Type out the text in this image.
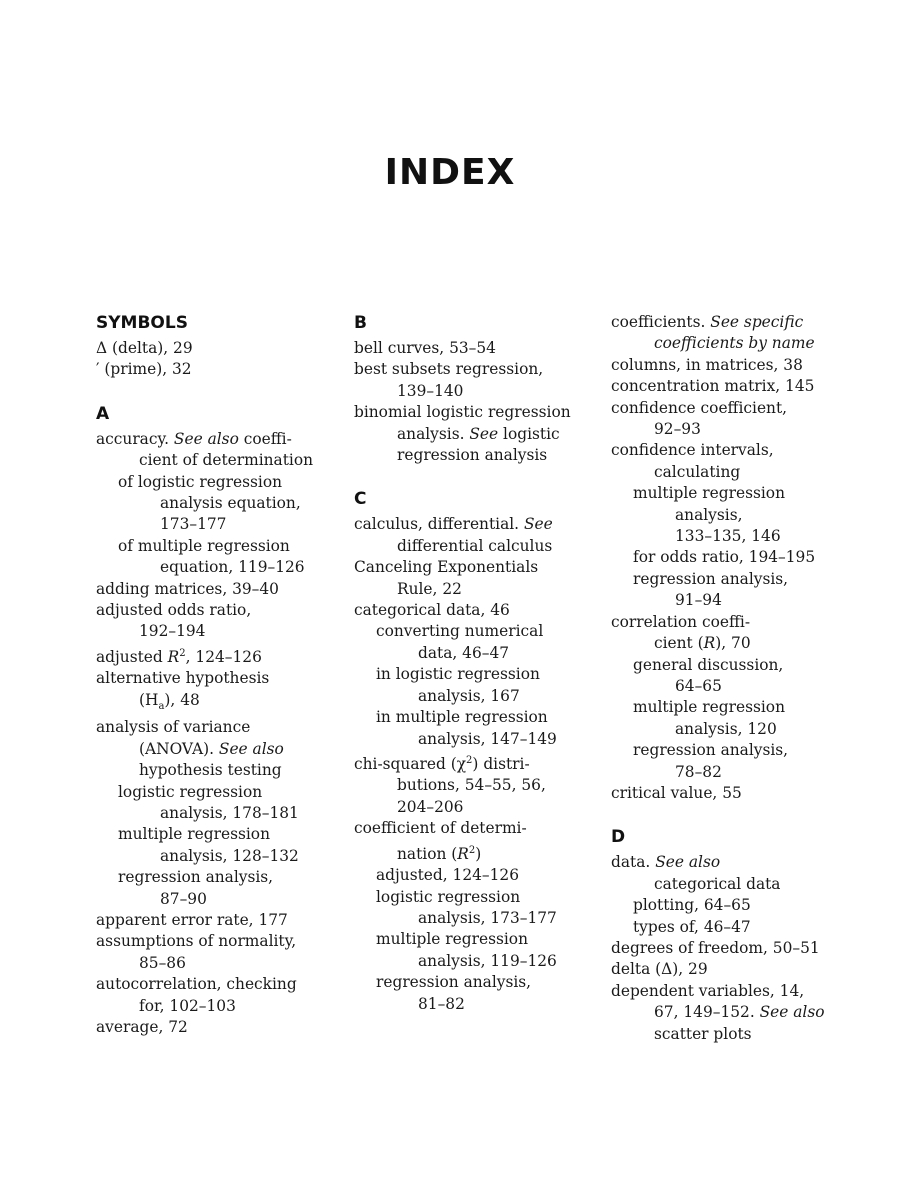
INDEX
SYMBOLS
Δ (delta), 29
′ (prime), 32
A
accuracy. See also coeffi-
cient of determination
of logistic regression
analysis equation,
173–177
of multiple regression
equation, 119–126
adding matrices, 39–40
adjusted odds ratio,
192–194
adjusted $R^2$, 124–126
alternative hypothesis
$(H_a)$, 48
analysis of variance
(ANOVA). See also
hypothesis testing
logistic regression
analysis, 178–181
multiple regression
analysis, 128–132
regression analysis,
87–90
apparent error rate, 177
assumptions of normality,
85–86
autocorrelation, checking
for, 102–103
average, 72
B
bell curves, 53–54
best subsets regression,
139–140
binomial logistic regression
analysis. See logistic
regression analysis
C
calculus, differential. See
differential calculus
Canceling Exponentials
Rule, 22
categorical data, 46
converting numerical
data, 46–47
in logistic regression
analysis, 167
in multiple regression
analysis, 147–149
chi-squared $(\chi^2)$ distri-
butions, 54–55, 56,
204–206
coefficient of determi-
nation $(R^2)$
adjusted, 124–126
logistic regression
analysis, 173–177
multiple regression
analysis, 119–126
regression analysis,
81–82
coefficients. See specific
coefficients by name
columns, in matrices, 38
concentration matrix, 145
confidence coefficient,
92–93
confidence intervals,
calculating
multiple regression
analysis,
133–135, 146
for odds ratio, 194–195
regression analysis,
91–94
correlation coeffi-
cient (R), 70
general discussion,
64–65
multiple regression
analysis, 120
regression analysis,
78–82
critical value, 55
D
data. See also
categorical data
plotting, 64–65
types of, 46–47
degrees of freedom, 50–51
delta (Δ), 29
dependent variables, 14,
67, 149–152. See also
scatter plots
